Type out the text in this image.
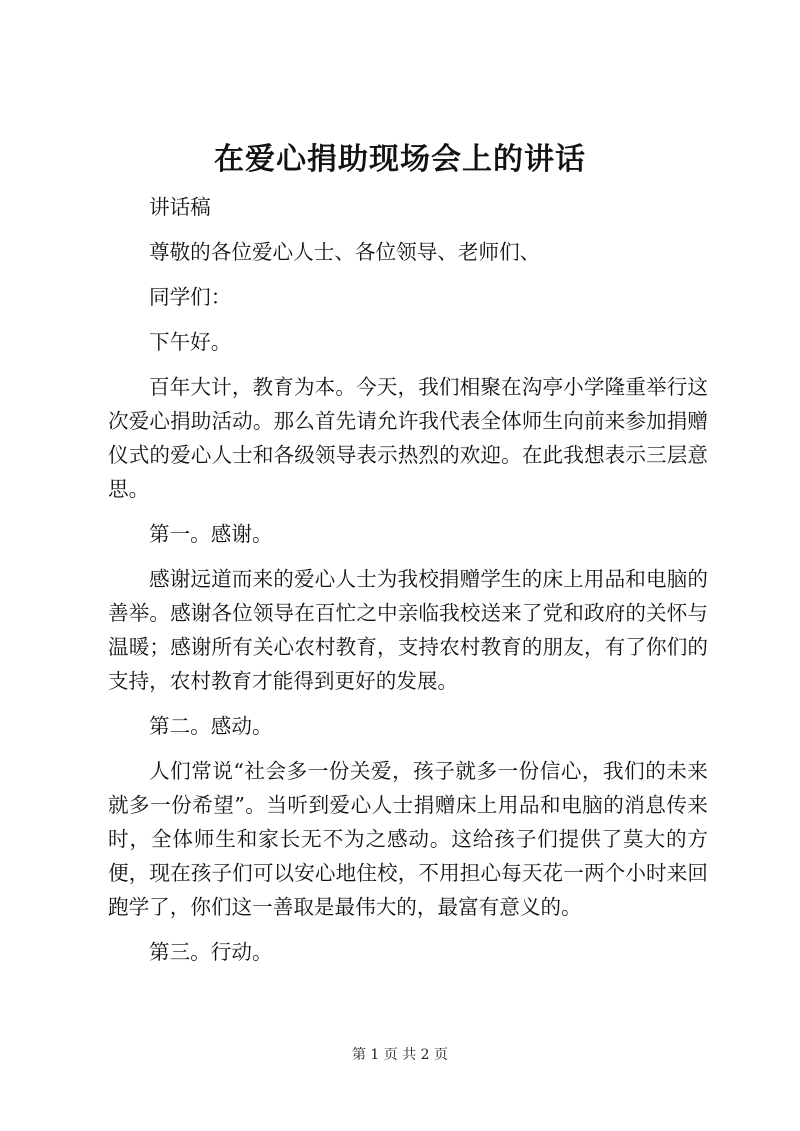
在爱心捐助现场会上的讲话

讲话稿

尊敬的各位爱心人士、各位领导、老师们、

同学们：

下午好。

百年大计，教育为本。今天，我们相聚在沟亭小学隆重举行这次爱心捐助活动。那么首先请允许我代表全体师生向前来参加捐赠仪式的爱心人士和各级领导表示热烈的欢迎。在此我想表示三层意思。

第一。感谢。

感谢远道而来的爱心人士为我校捐赠学生的床上用品和电脑的善举。感谢各位领导在百忙之中亲临我校送来了党和政府的关怀与温暖；感谢所有关心农村教育，支持农村教育的朋友，有了你们的支持，农村教育才能得到更好的发展。

第二。感动。

人们常说“社会多一份关爱，孩子就多一份信心，我们的未来就多一份希望”。当听到爱心人士捐赠床上用品和电脑的消息传来时，全体师生和家长无不为之感动。这给孩子们提供了莫大的方便，现在孩子们可以安心地住校，不用担心每天花一两个小时来回跑学了，你们这一善取是最伟大的，最富有意义的。

第三。行动。

第 1 页 共 2 页
